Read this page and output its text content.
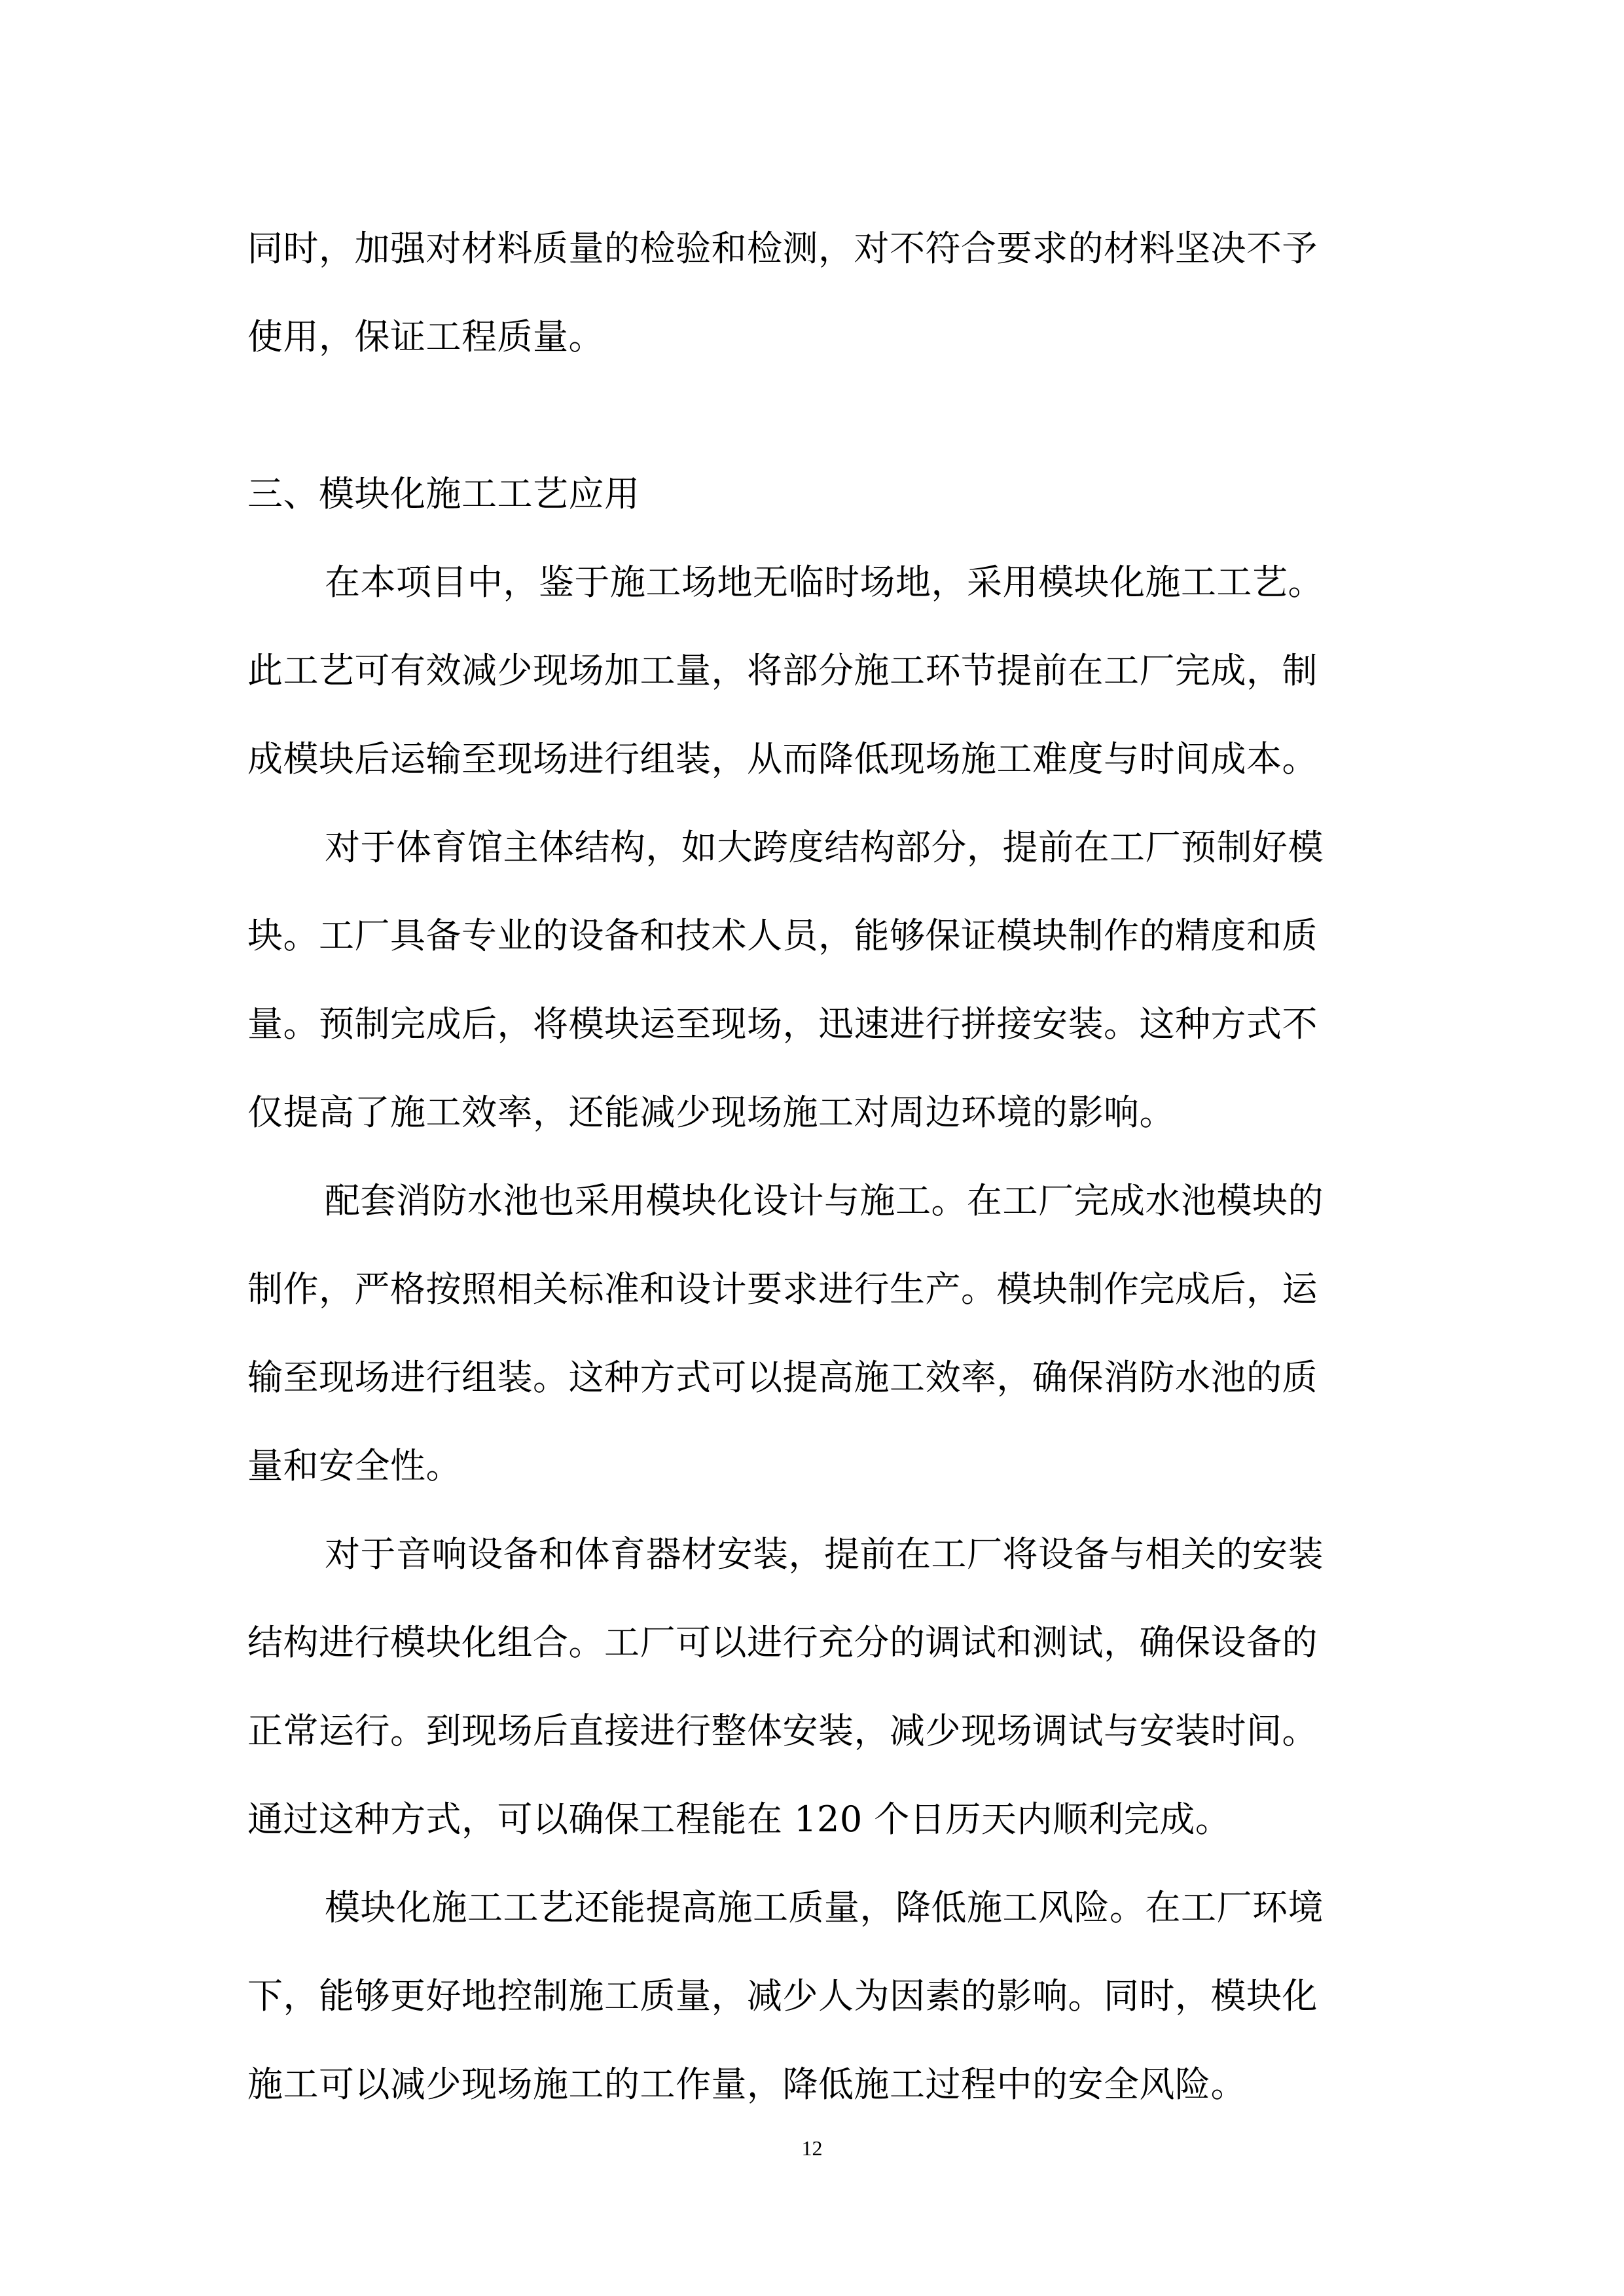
同时，加强对材料质量的检验和检测，对不符合要求的材料坚决不予
使用，保证工程质量。
三、模块化施工工艺应用
在本项目中，鉴于施工场地无临时场地，采用模块化施工工艺。
此工艺可有效减少现场加工量，将部分施工环节提前在工厂完成，制
成模块后运输至现场进行组装，从而降低现场施工难度与时间成本。
对于体育馆主体结构，如大跨度结构部分，提前在工厂预制好模
块。工厂具备专业的设备和技术人员，能够保证模块制作的精度和质
量。预制完成后，将模块运至现场，迅速进行拼接安装。这种方式不
仅提高了施工效率，还能减少现场施工对周边环境的影响。
配套消防水池也采用模块化设计与施工。在工厂完成水池模块的
制作，严格按照相关标准和设计要求进行生产。模块制作完成后，运
输至现场进行组装。这种方式可以提高施工效率，确保消防水池的质
量和安全性。
对于音响设备和体育器材安装，提前在工厂将设备与相关的安装
结构进行模块化组合。工厂可以进行充分的调试和测试，确保设备的
正常运行。到现场后直接进行整体安装，减少现场调试与安装时间。
通过这种方式，可以确保工程能在 120 个日历天内顺利完成。
模块化施工工艺还能提高施工质量，降低施工风险。在工厂环境
下，能够更好地控制施工质量，减少人为因素的影响。同时，模块化
施工可以减少现场施工的工作量，降低施工过程中的安全风险。
12
